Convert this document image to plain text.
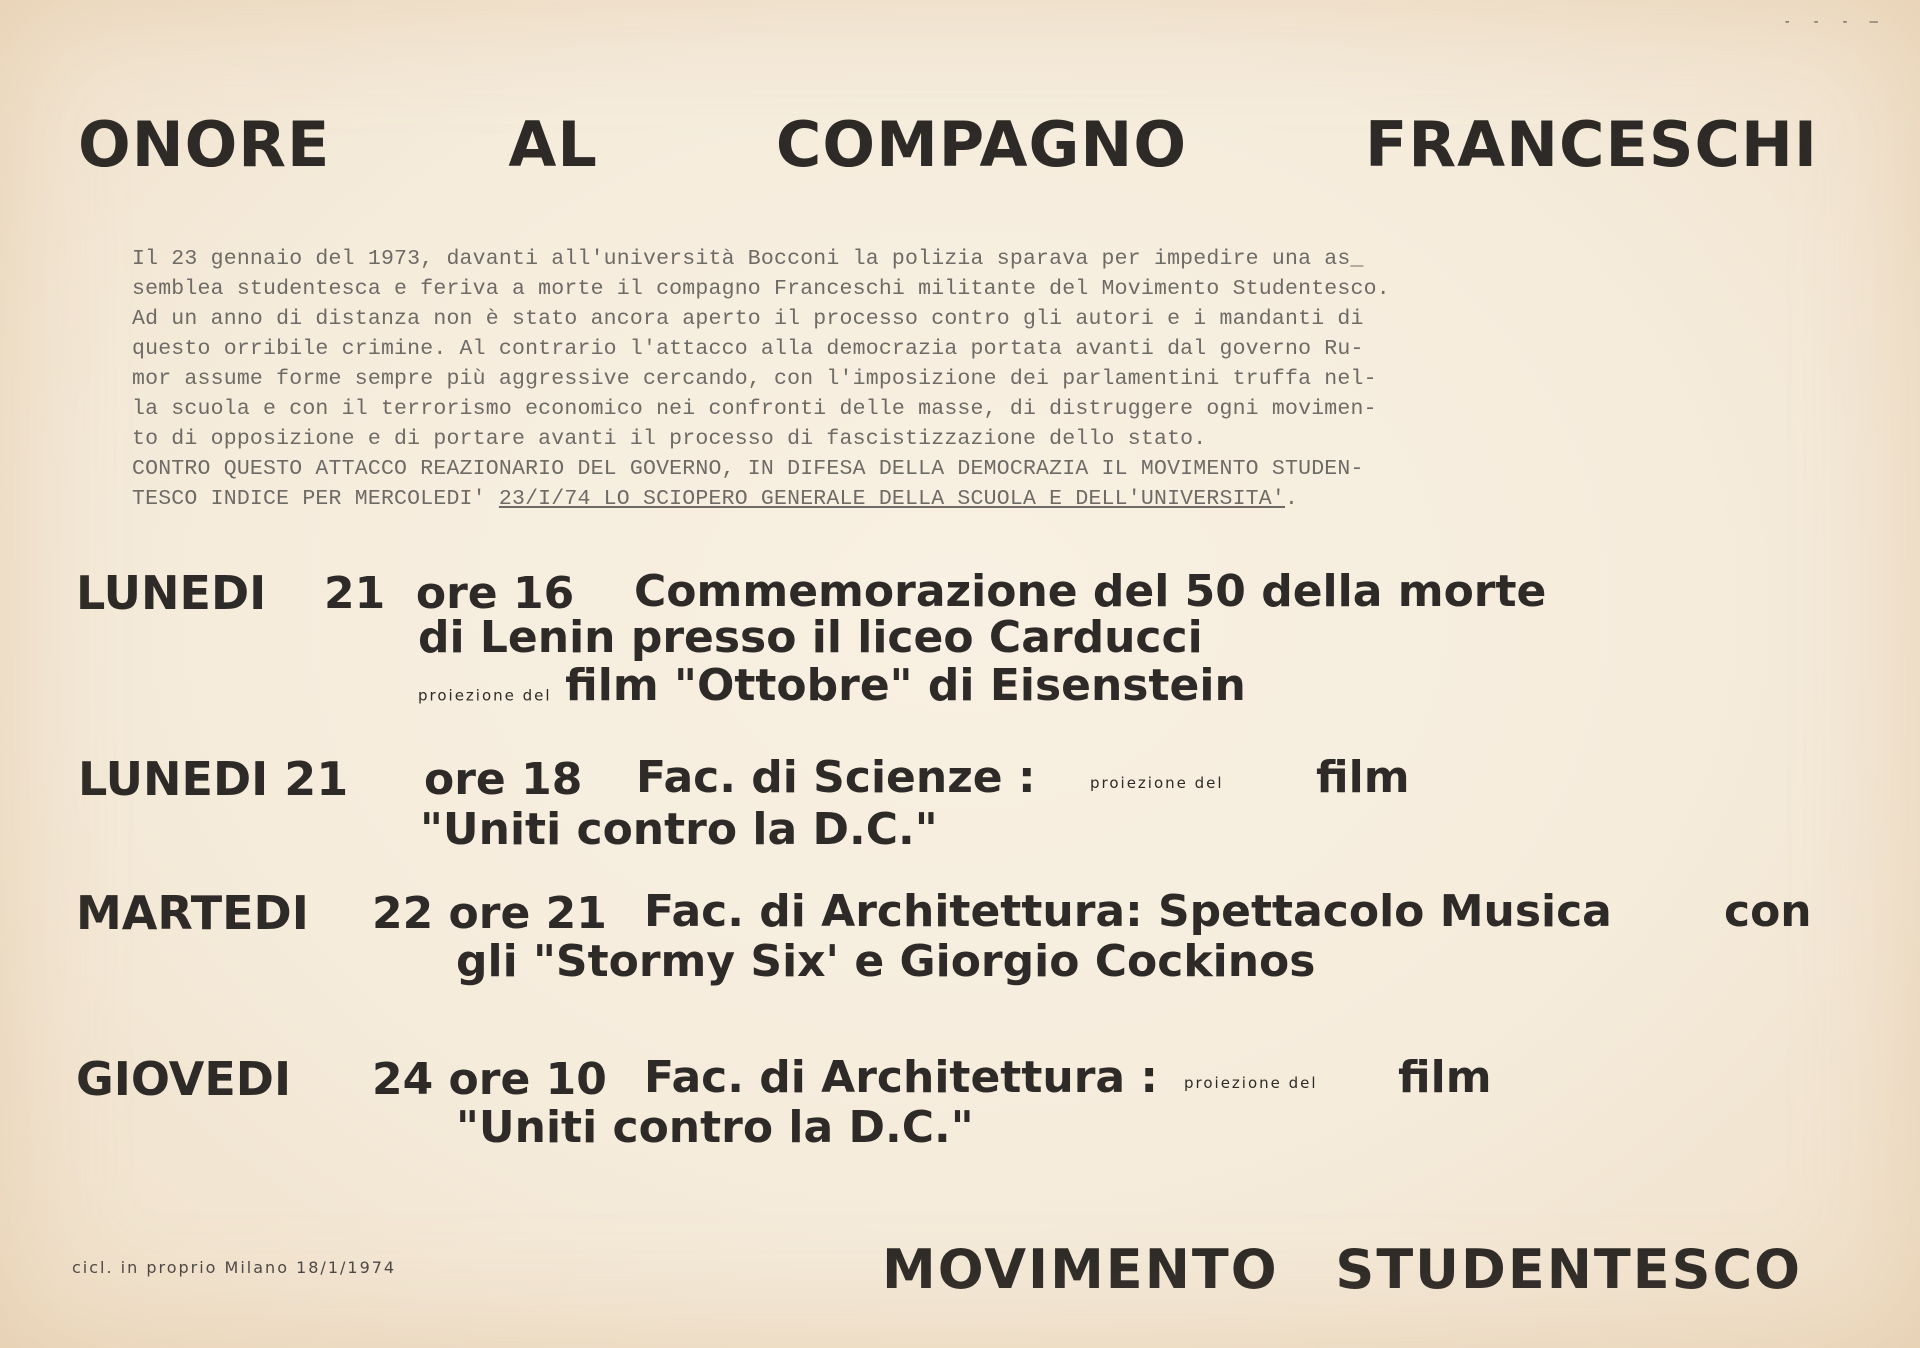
- - - —
ONORE	AL	COMPAGNO	FRANCESCHI

Il 23 gennaio del 1973, davanti all'università Bocconi la polizia sparava per impedire una as_

semblea studentesca e feriva a morte il compagno Franceschi militante del Movimento Studentesco.

Ad un anno di distanza non è stato ancora aperto il processo contro gli autori e i mandanti di

questo orribile crimine. Al contrario l'attacco alla democrazia portata avanti dal governo Ru-

mor assume forme sempre più aggressive cercando, con l'imposizione dei parlamentini truffa nel-

la scuola e con il terrorismo economico nei confronti delle masse, di distruggere ogni movimen-

to di opposizione e di portare avanti il processo di fascistizzazione dello stato.

CONTRO QUESTO ATTACCO REAZIONARIO DEL GOVERNO, IN DIFESA DELLA DEMOCRAZIA IL MOVIMENTO STUDEN-

TESCO INDICE PER MERCOLEDI' 23/I/74 LO SCIOPERO GENERALE DELLA SCUOLA E DELL'UNIVERSITA'.

LUNEDI 21  ore 16 Commemorazione del 50 della morte
di Lenin presso il liceo Carducci
proiezione del film "Ottobre" di Eisenstein
LUNEDI 21 ore 18 Fac. di Scienze :	proiezione del film
"Uniti contro la D.C."
MARTEDI 22 ore 21 Fac. di Architettura: Spettacolo Musica	con
gli "Stormy Six' e Giorgio Cockinos
GIOVEDI 24 ore 10 Fac. di Architettura : proiezione del film
"Uniti contro la D.C."
cicl. in proprio Milano 18/1/1974	MOVIMENTO STUDENTESCO
